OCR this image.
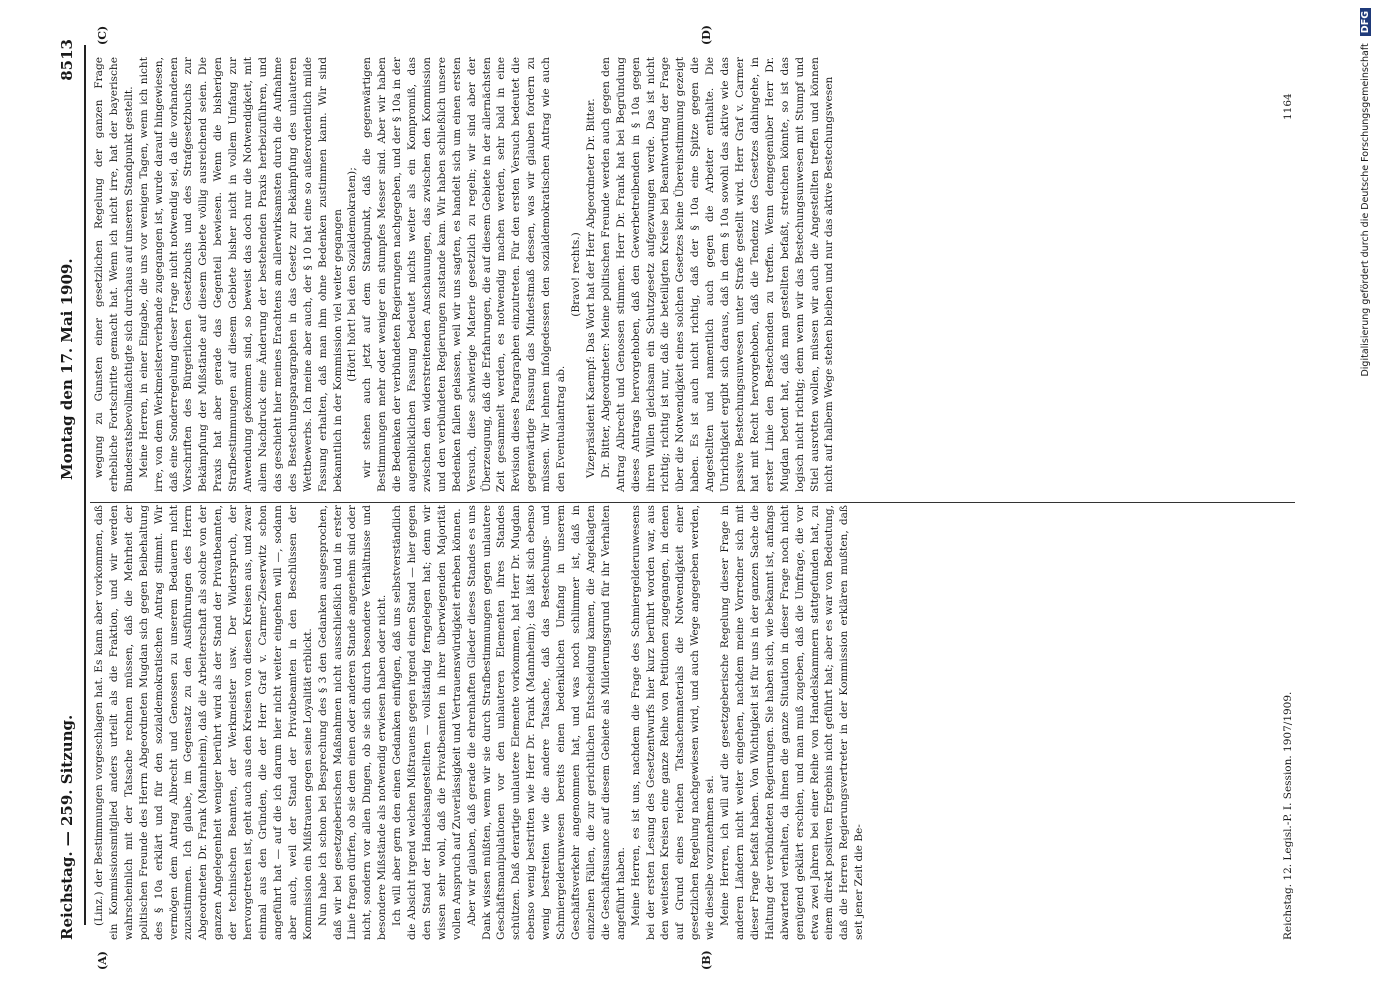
Reichstag. — 259. Sitzung.
Montag den 17. Mai 1909.
8513
(A)	(B)
(C)	(D)

(Linz.) der Bestimmungen vorgeschlagen hat. Es kann aber vorkommen, daß ein Kommissionsmitglied anders urteilt als die Fraktion, und wir werden wahrscheinlich mit der Tatsache rechnen müssen, daß die Mehrheit der politischen Freunde des Herrn Abgeordneten Mugdan sich gegen Beibehaltung des § 10a erklärt und für den sozialdemokratischen Antrag stimmt. Wir vermögen dem Antrag Albrecht und Genossen zu unserem Bedauern nicht zuzustimmen. Ich glaube, im Gegensatz zu den Ausführungen des Herrn Abgeordneten Dr. Frank (Mannheim), daß die Arbeiterschaft als solche von der ganzen Angelegenheit weniger berührt wird als der Stand der Privatbeamten, der technischen Beamten, der Werkmeister usw. Der Widerspruch, der hervorgetreten ist, geht auch aus den Kreisen von diesen Kreisen aus, und zwar einmal aus den Gründen, die der Herr Graf v. Carmer-Zieserwitz schon angeführt hat — auf die ich darum hier nicht weiter eingehen will —, sodann aber auch, weil der Stand der Privatbeamten in den Beschlüssen der Kommission ein Mißtrauen gegen seine Loyalität erblickt. Nun habe ich schon bei Besprechung des § 3 den Gedanken ausgesprochen, daß wir bei gesetzgeberischen Maßnahmen nicht ausschließlich und in erster Linie fragen dürfen, ob sie dem einen oder anderen Stande angenehm sind oder nicht, sondern vor allen Dingen, ob sie sich durch besondere Verhältnisse und besondere Mißstände als notwendig erwiesen haben oder nicht. Ich will aber gern den einen Gedanken einfügen, daß uns selbstverständlich die Absicht irgend welchen Mißtrauens gegen irgend einen Stand — hier gegen den Stand der Handelsangestellten — vollständig ferngelegen hat; denn wir wissen sehr wohl, daß die Privatbeamten in ihrer überwiegenden Majorität vollen Anspruch auf Zuverlässigkeit und Vertrauenswürdigkeit erheben können. Aber wir glauben, daß gerade die ehrenhaften Glieder dieses Standes es uns Dank wissen müßten, wenn wir sie durch Strafbestimmungen gegen unlautere Geschäftsmanipulationen vor den unlauteren Elementen ihres Standes schützen. Daß derartige unlautere Elemente vorkommen, hat Herr Dr. Mugdan ebenso wenig bestritten wie Herr Dr. Frank (Mannheim); das läßt sich ebenso wenig bestreiten wie die andere Tatsache, daß das Bestechungs- und Schmiergelderunwesen bereits einen bedenklichen Umfang in unserem Geschäftsverkehr angenommen hat, und was noch schlimmer ist, daß in einzelnen Fällen, die zur gerichtlichen Entscheidung kamen, die Angeklagten die Geschäftsusance auf diesem Gebiete als Milderungsgrund für ihr Verhalten angeführt haben. Meine Herren, es ist uns, nachdem die Frage des Schmiergelderunwesens bei der ersten Lesung des Gesetzentwurfs hier kurz berührt worden war, aus den weitesten Kreisen eine ganze Reihe von Petitionen zugegangen, in denen auf Grund eines reichen Tatsachenmaterials die Notwendigkeit einer gesetzlichen Regelung nachgewiesen wird, und auch Wege angegeben werden, wie dieselbe vorzunehmen sei. Meine Herren, ich will auf die gesetzgeberische Regelung dieser Frage in anderen Ländern nicht weiter eingehen, nachdem meine Vorredner sich mit dieser Frage befaßt haben. Von Wichtigkeit ist für uns in der ganzen Sache die Haltung der verbündeten Regierungen. Sie haben sich, wie bekannt ist, anfangs abwartend verhalten, da ihnen die ganze Situation in dieser Frage noch nicht genügend geklärt erschien, und man muß zugeben, daß die Umfrage, die vor etwa zwei Jahren bei einer Reihe von Handelskammern stattgefunden hat, zu einem direkt positiven Ergebnis nicht geführt hat; aber es war von Bedeutung, daß die Herren Regierungsvertreter in der Kommission erklären mußten, daß seit jener Zeit die Be-

wegung zu Gunsten einer gesetzlichen Regelung der ganzen Frage erhebliche Fortschritte gemacht hat. Wenn ich nicht irre, hat der bayerische Bundesratsbevollmächtigte sich durchaus auf unseren Standpunkt gestellt. Meine Herren, in einer Eingabe, die uns vor wenigen Tagen, wenn ich nicht irre, von dem Werkmeisterverbande zugegangen ist, wurde darauf hingewiesen, daß eine Sonderregelung dieser Frage nicht notwendig sei, da die vorhandenen Vorschriften des Bürgerlichen Gesetzbuchs und des Strafgesetzbuchs zur Bekämpfung der Mißstände auf diesem Gebiete völlig ausreichend seien. Die Praxis hat aber gerade das Gegenteil bewiesen. Wenn die bisherigen Strafbestimmungen auf diesem Gebiete bisher nicht in vollem Umfang zur Anwendung gekommen sind, so beweist das doch nur die Notwendigkeit, mit allem Nachdruck eine Änderung der bestehenden Praxis herbeizuführen, und das geschieht hier meines Erachtens am allerwirksamsten durch die Aufnahme des Bestechungsparagraphen in das Gesetz zur Bekämpfung des unlauteren Wettbewerbs. Ich meine aber auch, der § 10 hat eine so außerordentlich milde Fassung erhalten, daß man ihm ohne Bedenken zustimmen kann. Wir sind bekanntlich in der Kommission viel weiter gegangen (Hört! hört! bei den Sozialdemokraten); wir stehen auch jetzt auf dem Standpunkt, daß die gegenwärtigen Bestimmungen mehr oder weniger ein stumpfes Messer sind. Aber wir haben die Bedenken der verbündeten Regierungen nachgegeben, und der § 10a in der augenblicklichen Fassung bedeutet nichts weiter als ein Kompromiß, das zwischen den widerstreitenden Anschauungen, das zwischen den Kommission und den verbündeten Regierungen zustande kam. Wir haben schließlich unsere Bedenken fallen gelassen, weil wir uns sagten, es handelt sich um einen ersten Versuch, diese schwierige Materie gesetzlich zu regeln; wir sind aber der Überzeugung, daß die Erfahrungen, die auf diesem Gebiete in der allernächsten Zeit gesammelt werden, es notwendig machen werden, sehr bald in eine Revision dieses Paragraphen einzutreten. Für den ersten Versuch bedeutet die gegenwärtige Fassung das Mindestmaß dessen, was wir glauben fordern zu müssen. Wir lehnen infolgedessen den sozialdemokratischen Antrag wie auch den Eventualantrag ab.

(Bravo! rechts.) Vizepräsident Kaempf: Das Wort hat der Herr Abgeordneter Dr. Bitter. Dr. Bitter, Abgeordneter: Meine politischen Freunde werden auch gegen den Antrag Albrecht und Genossen stimmen. Herr Dr. Frank hat bei Begründung dieses Antrags hervorgehoben, daß den Gewerbetreibenden in § 10a gegen ihren Willen gleichsam ein Schutzgesetz aufgezwungen werde. Das ist nicht richtig; richtig ist nur, daß die beteiligten Kreise bei Beantwortung der Frage über die Notwendigkeit eines solchen Gesetzes keine Übereinstimmung gezeigt haben. Es ist auch nicht richtig, daß der § 10a eine Spitze gegen die Angestellten und namentlich auch gegen die Arbeiter enthalte. Die Unrichtigkeit ergibt sich daraus, daß in dem § 10a sowohl das aktive wie das passive Bestechungsunwesen unter Strafe gestellt wird. Herr Graf v. Carmer hat mit Recht hervorgehoben, daß die Tendenz des Gesetzes dahingehe, in erster Linie den Bestechenden zu treffen. Wenn demgegenüber Herr Dr. Mugdan betont hat, daß man gestellten befaßt, streichen könnte, so ist das logisch nicht richtig; denn wenn wir das Bestechungsunwesen mit Stumpf und Stiel ausrotten wollen, müssen wir auch die Angestellten treffen und können nicht auf halbem Wege stehen bleiben und nur das aktive Bestechungswesen

Reichstag. 12. Legisl.-P. I. Session. 1907/1909.
1164	Digitalisierung gefördert durch die Deutsche Forschungsgemeinschaft DFG
